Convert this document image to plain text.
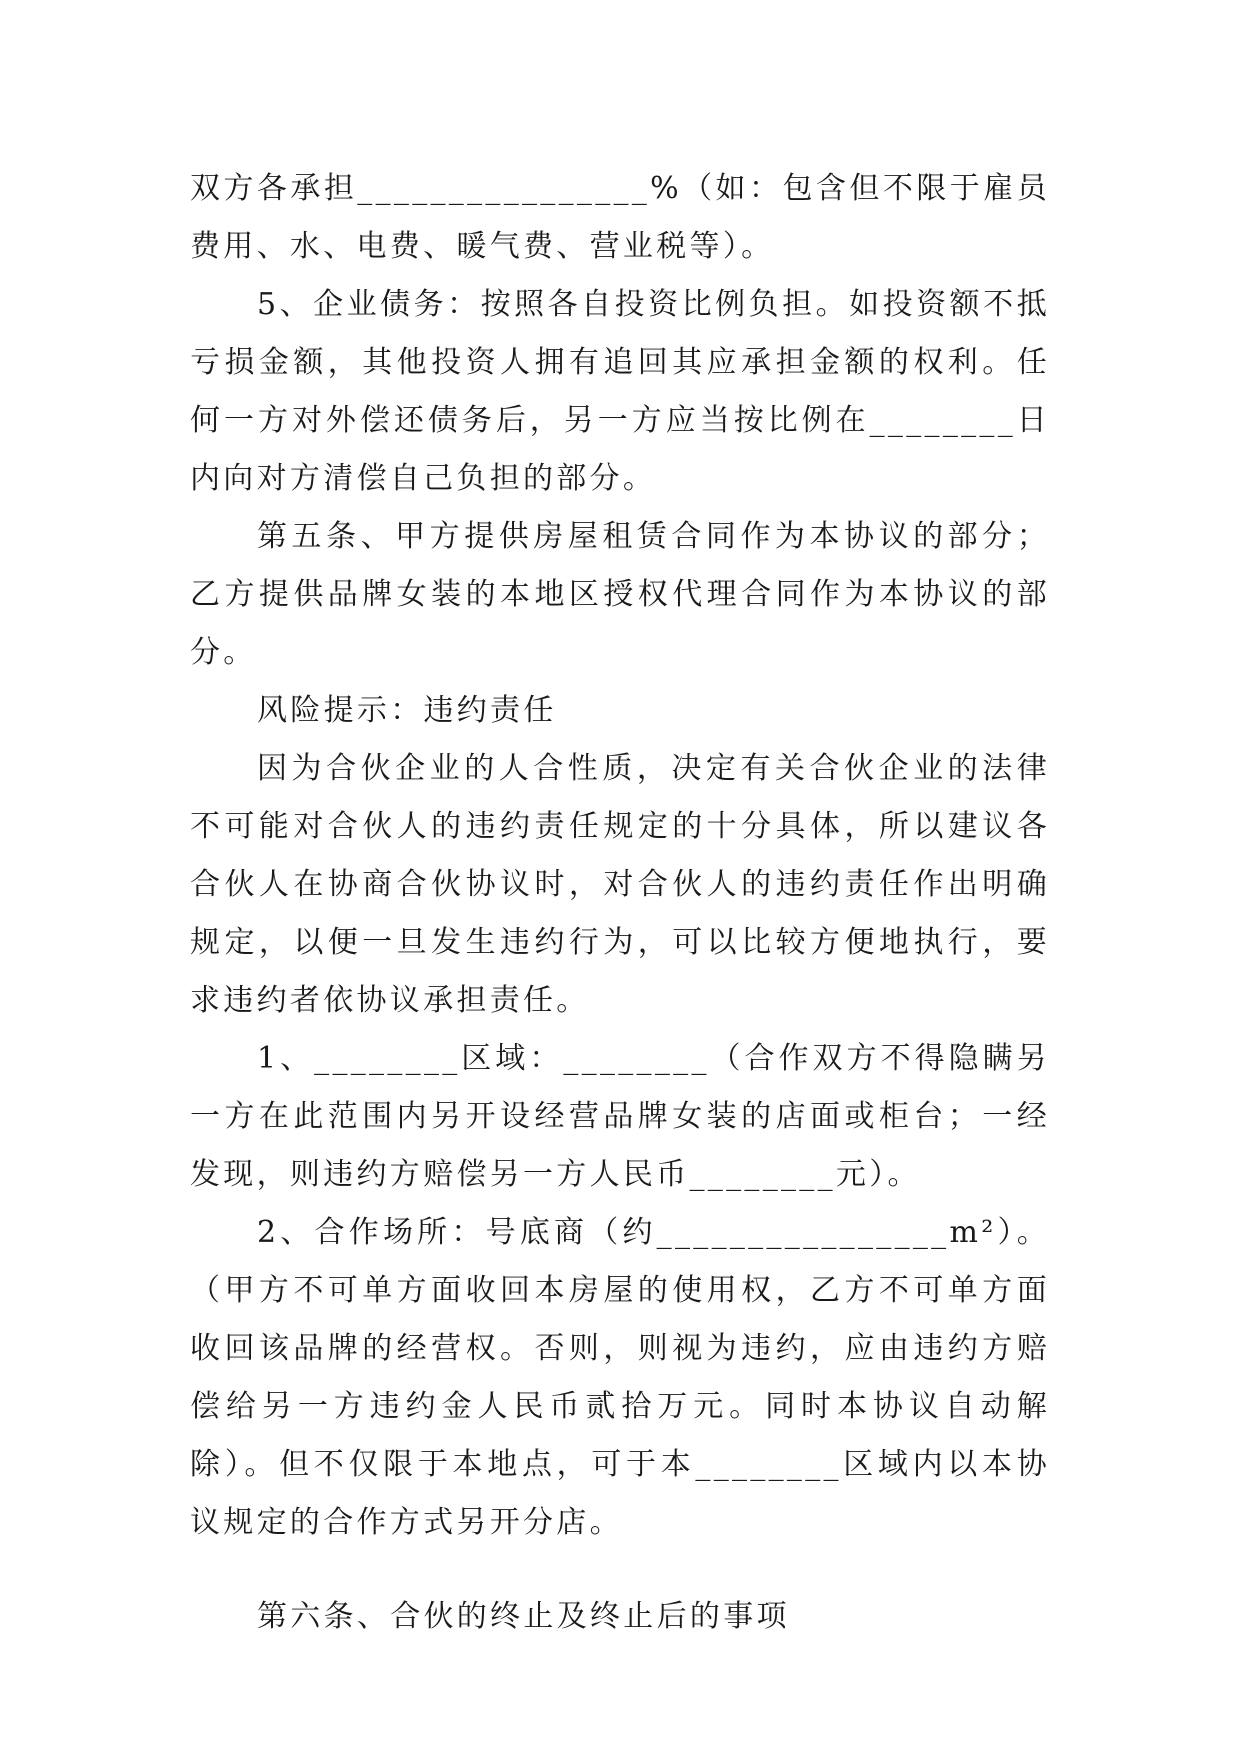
双方各承担________________%（如：包含但不限于雇员费用、水、电费、暖气费、营业税等）。

5、企业债务：按照各自投资比例负担。如投资额不抵亏损金额，其他投资人拥有追回其应承担金额的权利。任何一方对外偿还债务后，另一方应当按比例在________日内向对方清偿自己负担的部分。

第五条、甲方提供房屋租赁合同作为本协议的部分；乙方提供品牌女装的本地区授权代理合同作为本协议的部分。

风险提示：违约责任

因为合伙企业的人合性质，决定有关合伙企业的法律不可能对合伙人的违约责任规定的十分具体，所以建议各合伙人在协商合伙协议时，对合伙人的违约责任作出明确规定，以便一旦发生违约行为，可以比较方便地执行，要求违约者依协议承担责任。

1、________区域：________（合作双方不得隐瞒另一方在此范围内另开设经营品牌女装的店面或柜台；一经发现，则违约方赔偿另一方人民币________元）。

2、合作场所：号底商（约________________m²）。（甲方不可单方面收回本房屋的使用权，乙方不可单方面收回该品牌的经营权。否则，则视为违约，应由违约方赔偿给另一方违约金人民币贰拾万元。同时本协议自动解除）。但不仅限于本地点，可于本________区域内以本协议规定的合作方式另开分店。

第六条、合伙的终止及终止后的事项
